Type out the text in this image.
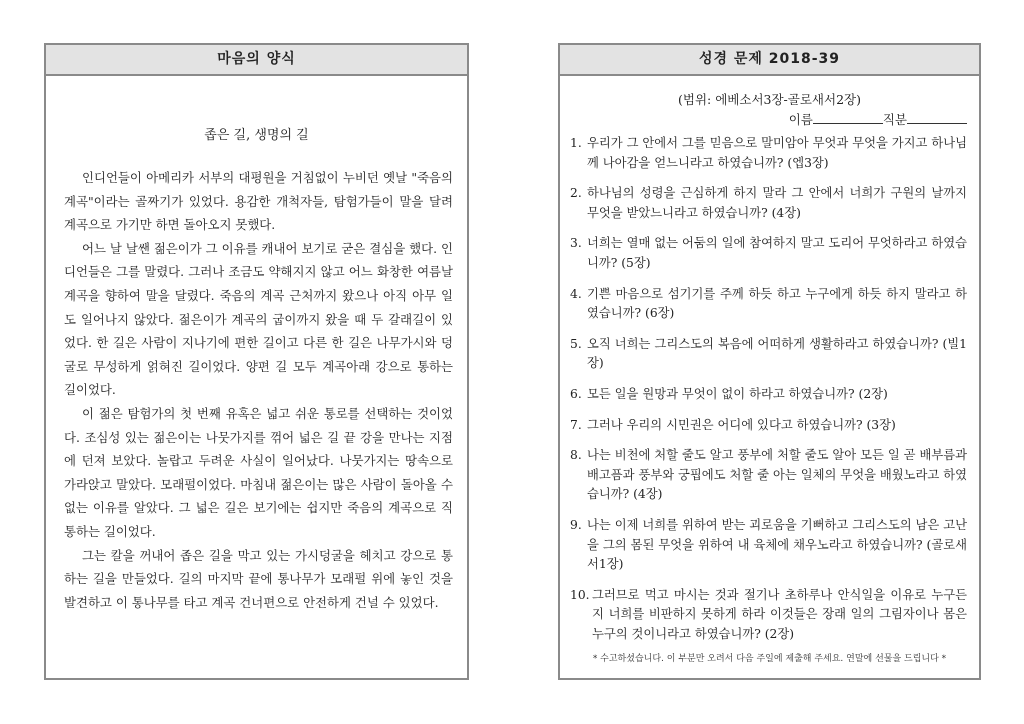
마음의 양식
좁은 길, 생명의 길

인디언들이 아메리카 서부의 대평원을 거침없이 누비던 옛날 "죽음의 계곡"이라는 골짜기가 있었다. 용감한 개척자들, 탐험가들이 말을 달려 계곡으로 가기만 하면 돌아오지 못했다.

어느 날 날쌘 젊은이가 그 이유를 캐내어 보기로 굳은 결심을 했다. 인디언들은 그를 말렸다. 그러나 조금도 약해지지 않고 어느 화창한 여름날 계곡을 향하여 말을 달렸다. 죽음의 계곡 근처까지 왔으나 아직 아무 일도 일어나지 않았다. 젊은이가 계곡의 굽이까지 왔을 때 두 갈래길이 있었다. 한 길은 사람이 지나기에 편한 길이고 다른 한 길은 나무가시와 덩굴로 무성하게 얽혀진 길이었다. 양편 길 모두 계곡아래 강으로 통하는 길이었다.

이 젊은 탐험가의 첫 번째 유혹은 넓고 쉬운 통로를 선택하는 것이었다. 조심성 있는 젊은이는 나뭇가지를 꺾어 넓은 길 끝 강을 만나는 지점에 던져 보았다. 놀랍고 두려운 사실이 일어났다. 나뭇가지는 땅속으로 가라앉고 말았다. 모래펄이었다. 마침내 젊은이는 많은 사람이 돌아올 수 없는 이유를 알았다. 그 넓은 길은 보기에는 쉽지만 죽음의 계곡으로 직통하는 길이었다.

그는 칼을 꺼내어 좁은 길을 막고 있는 가시덩굴을 헤치고 강으로 통하는 길을 만들었다. 길의 마지막 끝에 통나무가 모래펄 위에 놓인 것을 발견하고 이 통나무를 타고 계곡 건너편으로 안전하게 건널 수 있었다.

성경 문제 2018-39
(범위: 에베소서3장-골로새서2장)
이름	직분
1. 우리가 그 안에서 그를 믿음으로 말미암아 무엇과 무엇을 가지고 하나님께 나아감을 얻느니라고 하였습니까? (엡3장)
2. 하나님의 성령을 근심하게 하지 말라 그 안에서 너희가 구원의 날까지 무엇을 받았느니라고 하였습니까? (4장)
3. 너희는 열매 없는 어둠의 일에 참여하지 말고 도리어 무엇하라고 하였습니까? (5장)
4. 기쁜 마음으로 섬기기를 주께 하듯 하고 누구에게 하듯 하지 말라고 하였습니까? (6장)
5. 오직 너희는 그리스도의 복음에 어떠하게 생활하라고 하였습니까? (빌1장)
6. 모든 일을 원망과 무엇이 없이 하라고 하였습니까? (2장)
7. 그러나 우리의 시민권은 어디에 있다고 하였습니까? (3장)
8. 나는 비천에 처할 줄도 알고 풍부에 처할 줄도 알아 모든 일 곧 배부름과 배고픔과 풍부와 궁핍에도 처할 줄 아는 일체의 무엇을 배웠노라고 하였습니까? (4장)
9. 나는 이제 너희를 위하여 받는 괴로움을 기뻐하고 그리스도의 남은 고난을 그의 몸된 무엇을 위하여 내 육체에 채우노라고 하였습니까? (골로새서1장)
10. 그러므로 먹고 마시는 것과 절기나 초하루나 안식일을 이유로 누구든지 너희를 비판하지 못하게 하라 이것들은 장래 일의 그림자이나 몸은 누구의 것이니라고 하였습니까? (2장)
* 수고하셨습니다. 이 부분만 오려서 다음 주일에 제출해 주세요. 연말에 선물을 드립니다 *
